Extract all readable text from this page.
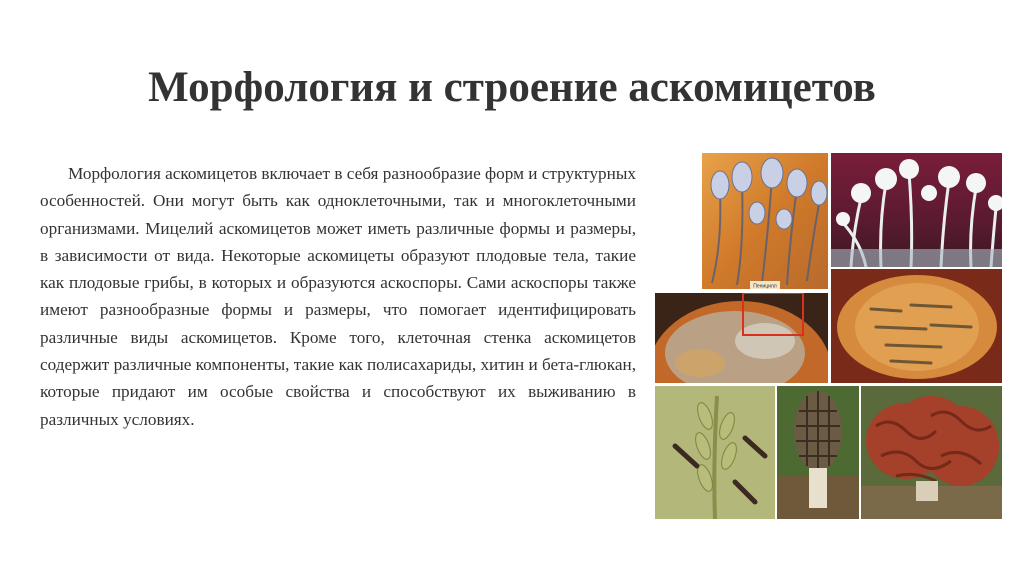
Морфология и строение аскомицетов

Морфология аскомицетов включает в себя разнообразие форм и структурных особенностей. Они могут быть как одноклеточными, так и многоклеточными организмами. Мицелий аскомицетов может иметь различные формы и размеры, в зависимости от вида. Некоторые аскомицеты образуют плодовые тела, такие как плодовые грибы, в которых и образуются аскоспоры. Сами аскоспоры также имеют разнообразные формы и размеры, что помогает идентифицировать различные виды аскомицетов. Кроме того, клеточная стенка аскомицетов содержит различные компоненты, такие как полисахариды, хитин и бета-глюкан, которые придают им особые свойства и способствуют их выживанию в различных условиях.

Пеницилл
